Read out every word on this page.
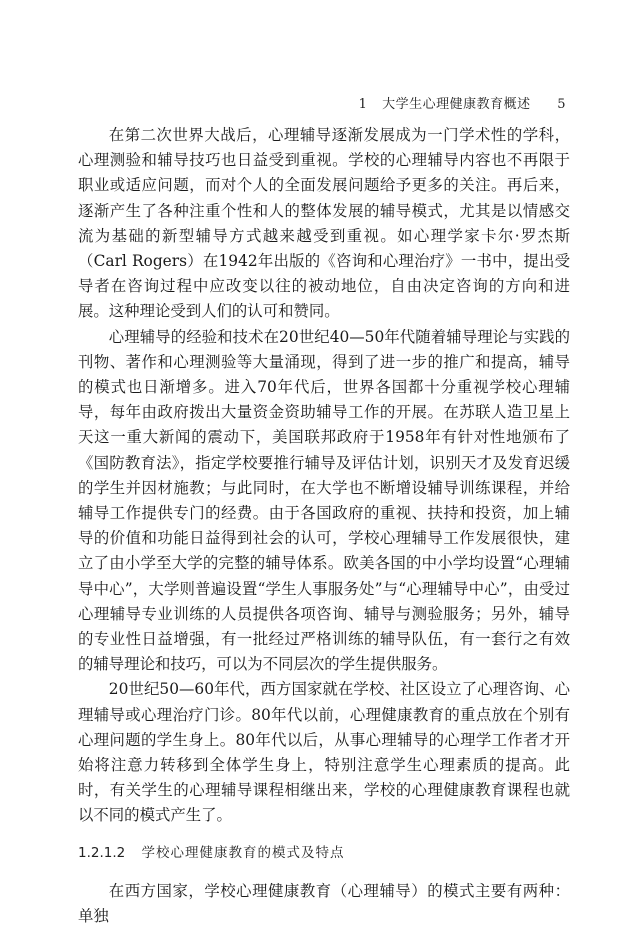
1 大学生心理健康教育概述 5

在第二次世界大战后，心理辅导逐渐发展成为一门学术性的学科，心理测验和辅导技巧也日益受到重视。学校的心理辅导内容也不再限于职业或适应问题，而对个人的全面发展问题给予更多的关注。再后来，逐渐产生了各种注重个性和人的整体发展的辅导模式，尤其是以情感交流为基础的新型辅导方式越来越受到重视。如心理学家卡尔·罗杰斯（Carl Rogers）在1942年出版的《咨询和心理治疗》一书中，提出受导者在咨询过程中应改变以往的被动地位，自由决定咨询的方向和进展。这种理论受到人们的认可和赞同。

心理辅导的经验和技术在20世纪40—50年代随着辅导理论与实践的刊物、著作和心理测验等大量涌现，得到了进一步的推广和提高，辅导的模式也日渐增多。进入70年代后，世界各国都十分重视学校心理辅导，每年由政府拨出大量资金资助辅导工作的开展。在苏联人造卫星上天这一重大新闻的震动下，美国联邦政府于1958年有针对性地颁布了《国防教育法》，指定学校要推行辅导及评估计划，识别天才及发育迟缓的学生并因材施教；与此同时，在大学也不断增设辅导训练课程，并给辅导工作提供专门的经费。由于各国政府的重视、扶持和投资，加上辅导的价值和功能日益得到社会的认可，学校心理辅导工作发展很快，建立了由小学至大学的完整的辅导体系。欧美各国的中小学均设置“心理辅导中心”，大学则普遍设置“学生人事服务处”与“心理辅导中心”，由受过心理辅导专业训练的人员提供各项咨询、辅导与测验服务；另外，辅导的专业性日益增强，有一批经过严格训练的辅导队伍，有一套行之有效的辅导理论和技巧，可以为不同层次的学生提供服务。

20世纪50—60年代，西方国家就在学校、社区设立了心理咨询、心理辅导或心理治疗门诊。80年代以前，心理健康教育的重点放在个别有心理问题的学生身上。80年代以后，从事心理辅导的心理学工作者才开始将注意力转移到全体学生身上，特别注意学生心理素质的提高。此时，有关学生的心理辅导课程相继出来，学校的心理健康教育课程也就以不同的模式产生了。

1.2.1.2 学校心理健康教育的模式及特点

在西方国家，学校心理健康教育（心理辅导）的模式主要有两种：单独
